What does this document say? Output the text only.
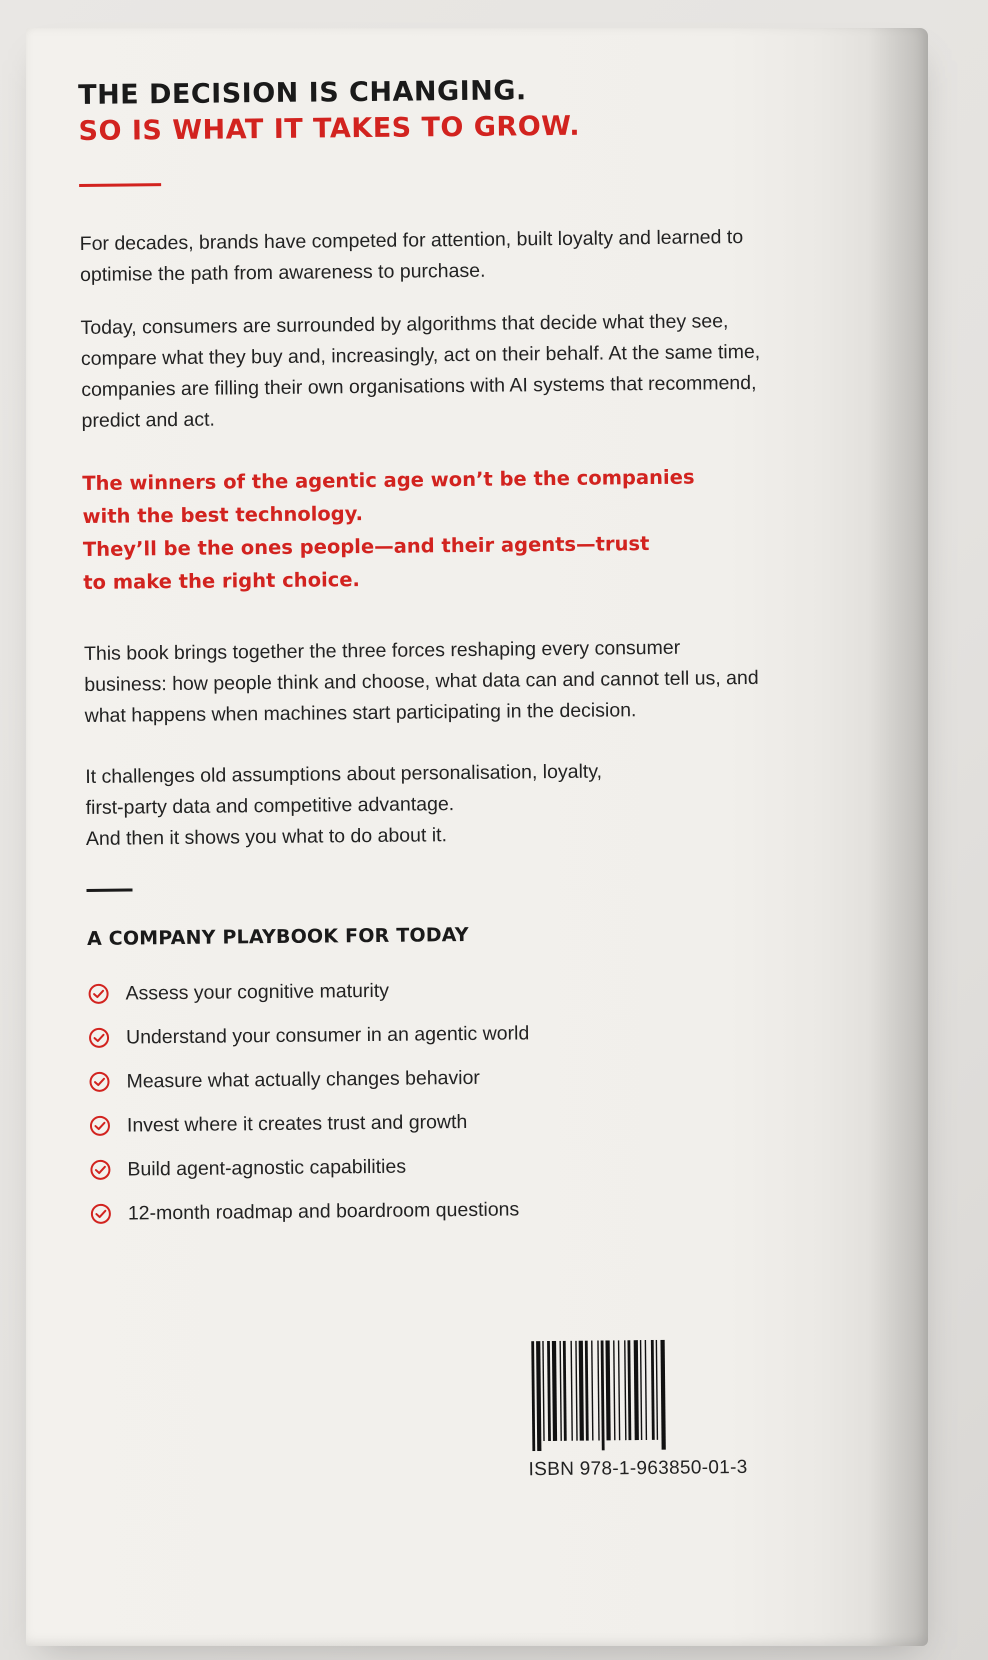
THE DECISION IS CHANGING.
SO IS WHAT IT TAKES TO GROW.

For decades, brands have competed for attention, built loyalty and learned to optimise the path from awareness to purchase.

Today, consumers are surrounded by algorithms that decide what they see, compare what they buy and, increasingly, act on their behalf. At the same time, companies are filling their own organisations with AI systems that recommend, predict and act.

The winners of the agentic age won’t be the companies
with the best technology.
They’ll be the ones people—and their agents—trust
to make the right choice.

This book brings together the three forces reshaping every consumer business: how people think and choose, what data can and cannot tell us, and what happens when machines start participating in the decision.

It challenges old assumptions about personalisation, loyalty,
first-party data and competitive advantage.
And then it shows you what to do about it.

A COMPANY PLAYBOOK FOR TODAY
Assess your cognitive maturity
Understand your consumer in an agentic world
Measure what actually changes behavior
Invest where it creates trust and growth
Build agent-agnostic capabilities
12-month roadmap and boardroom questions
ISBN 978-1-963850-01-3
